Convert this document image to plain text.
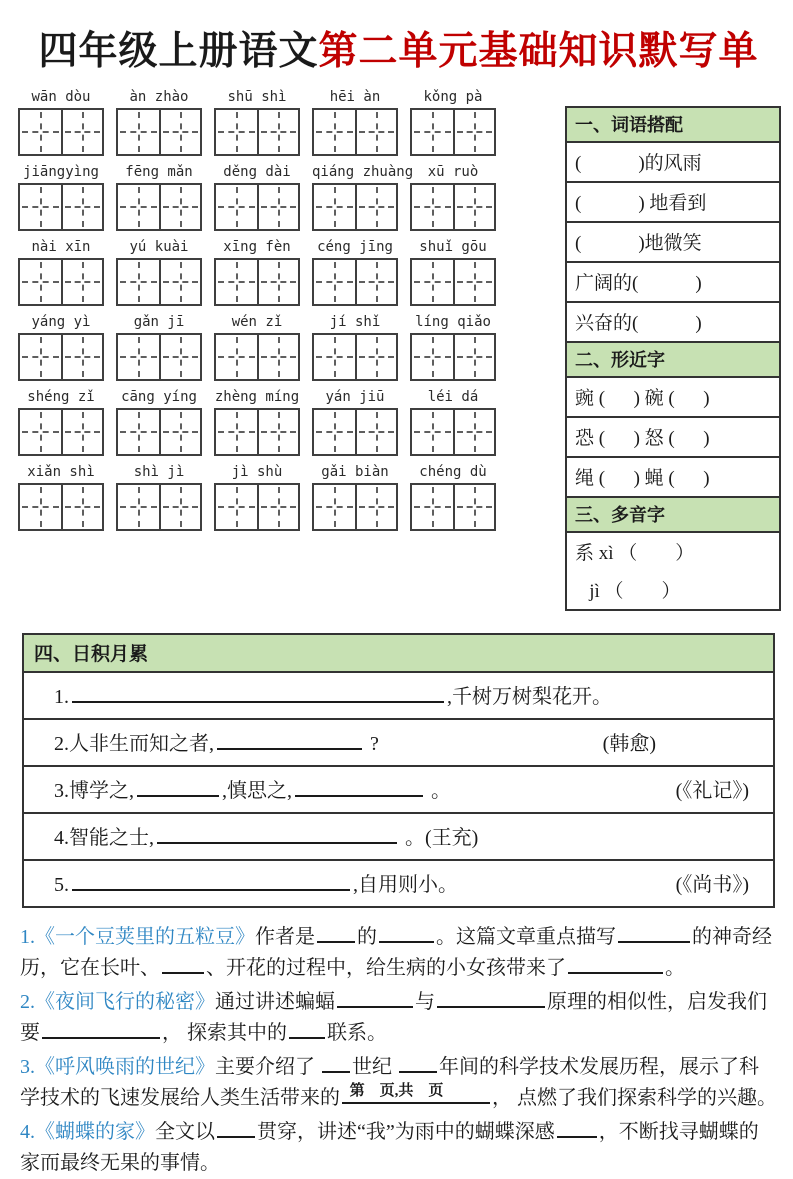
四年级上册语文第二单元基础知识默写单
wān dòu	àn zhào	shū shì	hēi àn	kǒng pà
jiāngyìng	fēng mǎn	děng dài	qiáng zhuàng	xū ruò
nài xīn	yú kuài	xīng fèn	céng jīng	shuǐ gōu
yáng yì	gǎn jī	wén zǐ	jí shǐ	líng qiǎo
shéng zǐ	cāng yíng	zhèng míng	yán jiū	léi dá
xiǎn shì	shì jì	jì shù	gǎi biàn	chéng dù
一、词语搭配
(            )的风雨
(            ) 地看到
(            )地微笑
广阔的(            )
兴奋的(            )
二、形近字
豌 (      ) 碗 (      )
恐 (      ) 怒 (      )
绳 (      ) 蝇 (      )
三、多音字
系 xì （        ）
jì （        ）
四、日积月累
1.	,千树万树梨花开。
2.人非生而知之者,	?	(韩愈)
3.博学之,	,慎思之,	。	(《礼记》)
4.智能之士,	。(王充)
5.	,自用则小。	(《尚书》)
1.《一个豆荚里的五粒豆》作者是 的	。这篇文章重点描写	的神奇经历，它在长叶、 、开花的过程中，给生病的小女孩带来了	。
2.《夜间飞行的秘密》通过讲述蝙蝠	与	原理的相似性，启发我们要	， 探索其中的 联系。
3.《呼风唤雨的世纪》主要介绍了 世纪 年间的科学技术发展历程，展示了科学技术的飞速发展给人类生活带来的	， 点燃了我们探索科学的兴趣。
4.《蝴蝶的家》全文以 贯穿，讲述“我”为雨中的蝴蝶深感 ，不断找寻蝴蝶的家而最终无果的事情。
第　页,共　页
